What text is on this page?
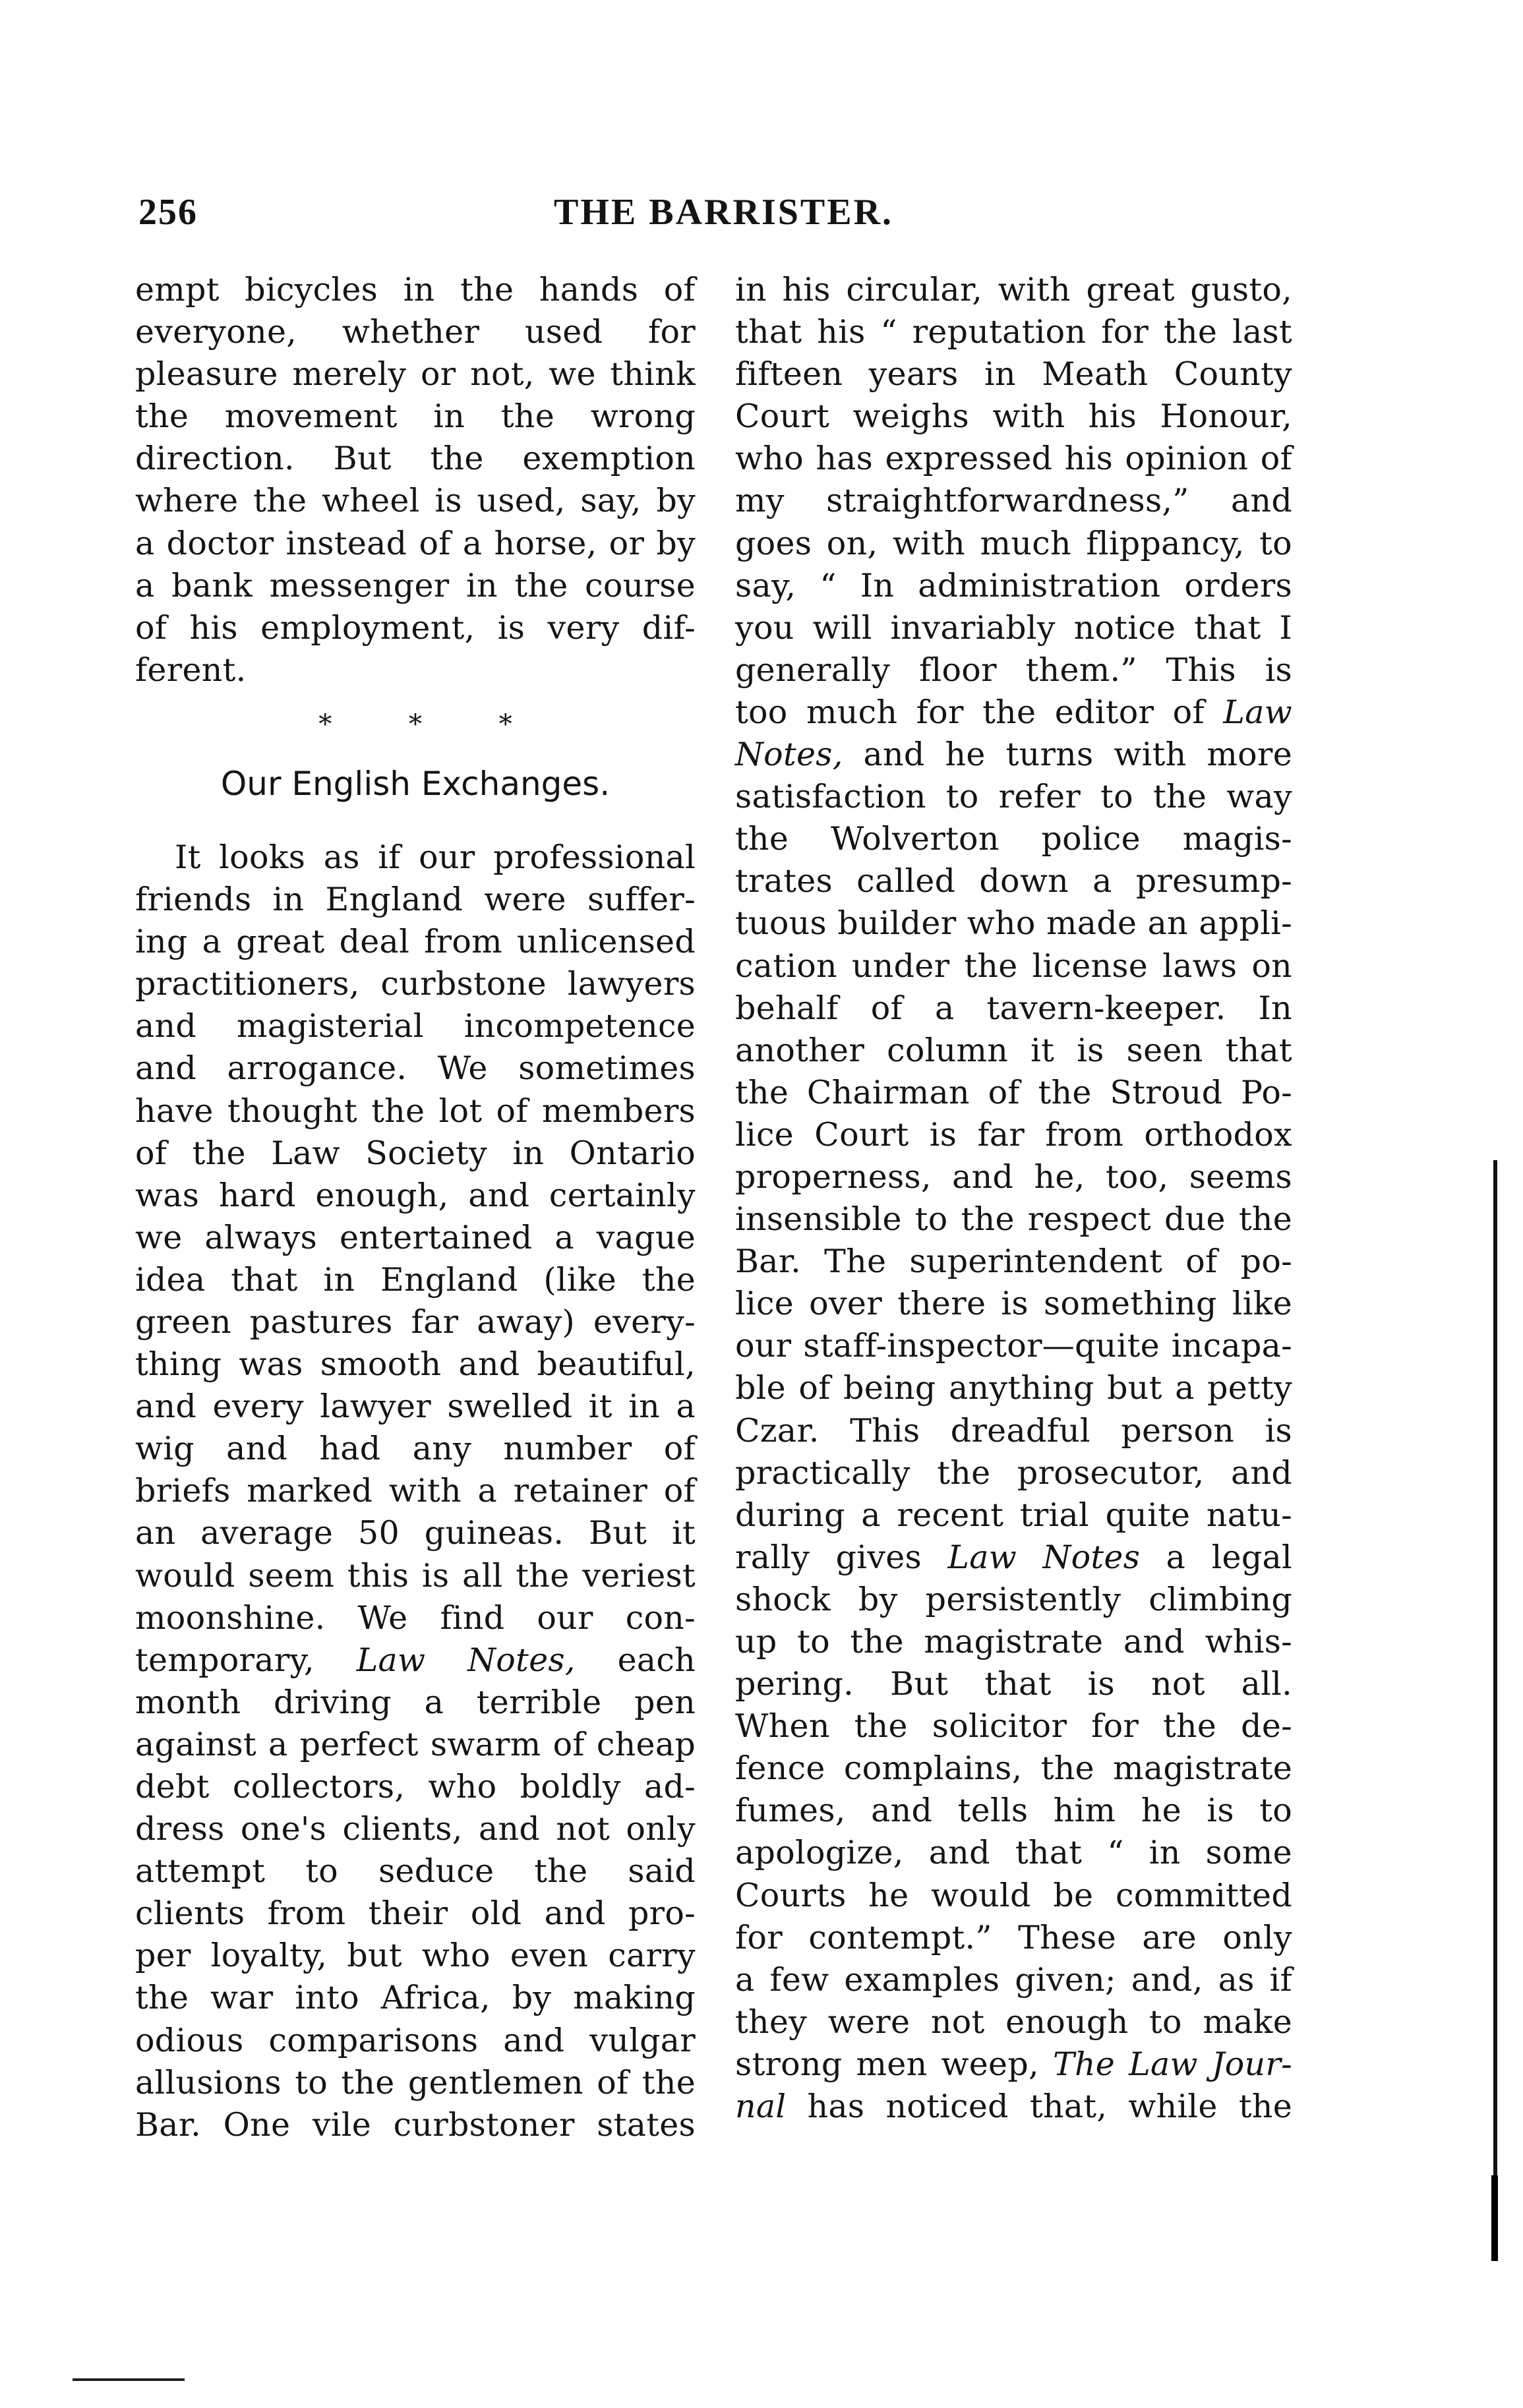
256	THE BARRISTER.
empt bicycles in the hands of
everyone, whether used for
pleasure merely or not, we think
the movement in the wrong
direction. But the exemption
where the wheel is used, say, by
a doctor instead of a horse, or by
a bank messenger in the course
of his employment, is very dif-
ferent.
* * *
Our English Exchanges.
It looks as if our professional
friends in England were suffer-
ing a great deal from unlicensed
practitioners, curbstone lawyers
and magisterial incompetence
and arrogance. We sometimes
have thought the lot of members
of the Law Society in Ontario
was hard enough, and certainly
we always entertained a vague
idea that in England (like the
green pastures far away) every-
thing was smooth and beautiful,
and every lawyer swelled it in a
wig and had any number of
briefs marked with a retainer of
an average 50 guineas. But it
would seem this is all the veriest
moonshine. We find our con-
temporary, Law Notes, each
month driving a terrible pen
against a perfect swarm of cheap
debt collectors, who boldly ad-
dress one's clients, and not only
attempt to seduce the said
clients from their old and pro-
per loyalty, but who even carry
the war into Africa, by making
odious comparisons and vulgar
allusions to the gentlemen of the
Bar. One vile curbstoner states
in his circular, with great gusto,
that his “ reputation for the last
fifteen years in Meath County
Court weighs with his Honour,
who has expressed his opinion of
my straightforwardness,” and
goes on, with much flippancy, to
say, “ In administration orders
you will invariably notice that I
generally floor them.” This is
too much for the editor of Law
Notes, and he turns with more
satisfaction to refer to the way
the Wolverton police magis-
trates called down a presump-
tuous builder who made an appli-
cation under the license laws on
behalf of a tavern-keeper. In
another column it is seen that
the Chairman of the Stroud Po-
lice Court is far from orthodox
properness, and he, too, seems
insensible to the respect due the
Bar. The superintendent of po-
lice over there is something like
our staff-inspector—quite incapa-
ble of being anything but a petty
Czar. This dreadful person is
practically the prosecutor, and
during a recent trial quite natu-
rally gives Law Notes a legal
shock by persistently climbing
up to the magistrate and whis-
pering. But that is not all.
When the solicitor for the de-
fence complains, the magistrate
fumes, and tells him he is to
apologize, and that “ in some
Courts he would be committed
for contempt.” These are only
a few examples given; and, as if
they were not enough to make
strong men weep, The Law Jour-
nal has noticed that, while the
